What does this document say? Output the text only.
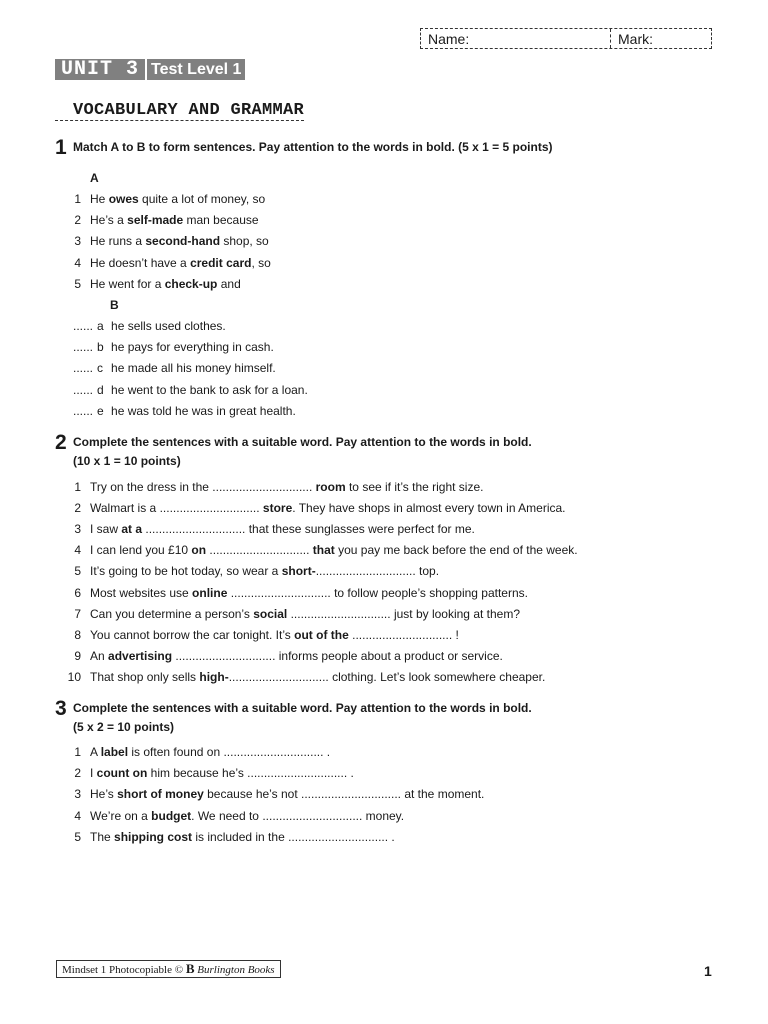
Name:	Mark:
UNIT 3 Test Level 1
VOCABULARY AND GRAMMAR
1 Match A to B to form sentences. Pay attention to the words in bold. (5 x 1 = 5 points)
A
1 He owes quite a lot of money, so
2 He’s a self-made man because
3 He runs a second-hand shop, so
4 He doesn’t have a credit card, so
5 He went for a check-up and
B
...... a he sells used clothes.
...... b he pays for everything in cash.
...... c he made all his money himself.
...... d he went to the bank to ask for a loan.
...... e he was told he was in great health.
2 Complete the sentences with a suitable word. Pay attention to the words in bold.
(10 x 1 = 10 points)
1 Try on the dress in the .............................. room to see if it’s the right size.
2 Walmart is a .............................. store. They have shops in almost every town in America.
3 I saw at a .............................. that these sunglasses were perfect for me.
4 I can lend you £10 on .............................. that you pay me back before the end of the week.
5 It’s going to be hot today, so wear a short-.............................. top.
6 Most websites use online .............................. to follow people’s shopping patterns.
7 Can you determine a person’s social .............................. just by looking at them?
8 You cannot borrow the car tonight. It’s out of the .............................. !
9 An advertising .............................. informs people about a product or service.
10 That shop only sells high-.............................. clothing. Let’s look somewhere cheaper.
3 Complete the sentences with a suitable word. Pay attention to the words in bold.
(5 x 2 = 10 points)
1 A label is often found on .............................. .
2 I count on him because he’s .............................. .
3 He’s short of money because he’s not .............................. at the moment.
4 We’re on a budget. We need to .............................. money.
5 The shipping cost is included in the .............................. .
Mindset 1 Photocopiable © B Burlington Books	1
